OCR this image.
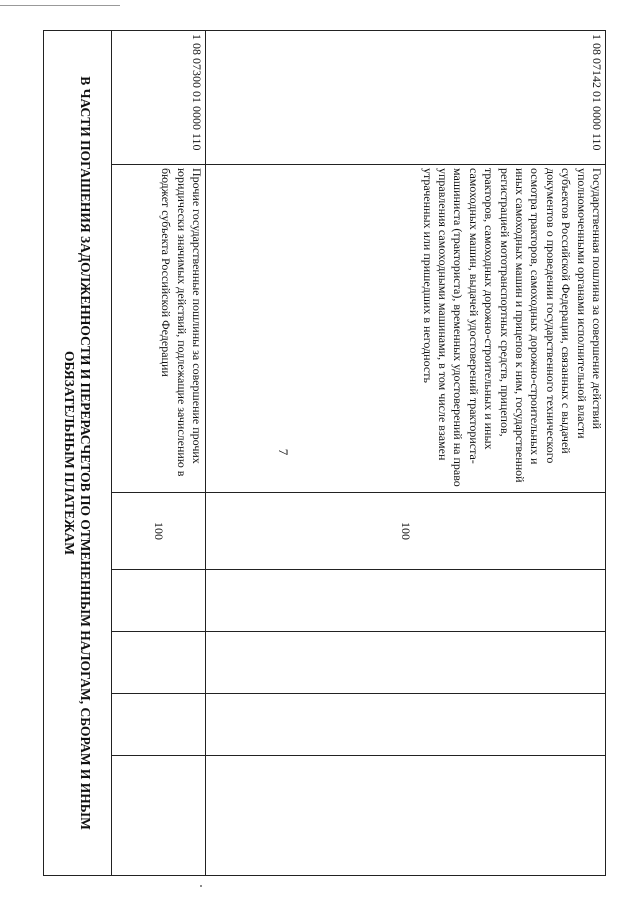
7
1 08 07142 01 0000 110	Государственная пошлина за совершение действий уполномоченными органами исполнительной власти субъектов Российской Федерации, связанных с выдачей документов о проведении государственного технического осмотра тракторов, самоходных дорожно-строительных и иных самоходных машин и прицепов к ним, государственной регистрацией мототранспортных средств, прицепов, тракторов, самоходных дорожно-строительных и иных самоходных машин, выдачей удостоверений тракториста-машиниста (тракториста), временных удостоверений на право управления самоходными машинами, в том числе взамен утраченных или пришедших в негодность	100				
1 08 07300 01 0000 110	Прочие государственные пошлины за совершение прочих юридически значимых действий, подлежащие зачислению в бюджет субъекта Российской Федерации	100				
В ЧАСТИ ПОГАШЕНИЯ ЗАДОЛЖЕННОСТИ И ПЕРЕРАСЧЕТОВ ПО ОТМЕНЕННЫМ НАЛОГАМ, СБОРАМ И ИНЫМ ОБЯЗАТЕЛЬНЫМ ПЛАТЕЖАМ						
